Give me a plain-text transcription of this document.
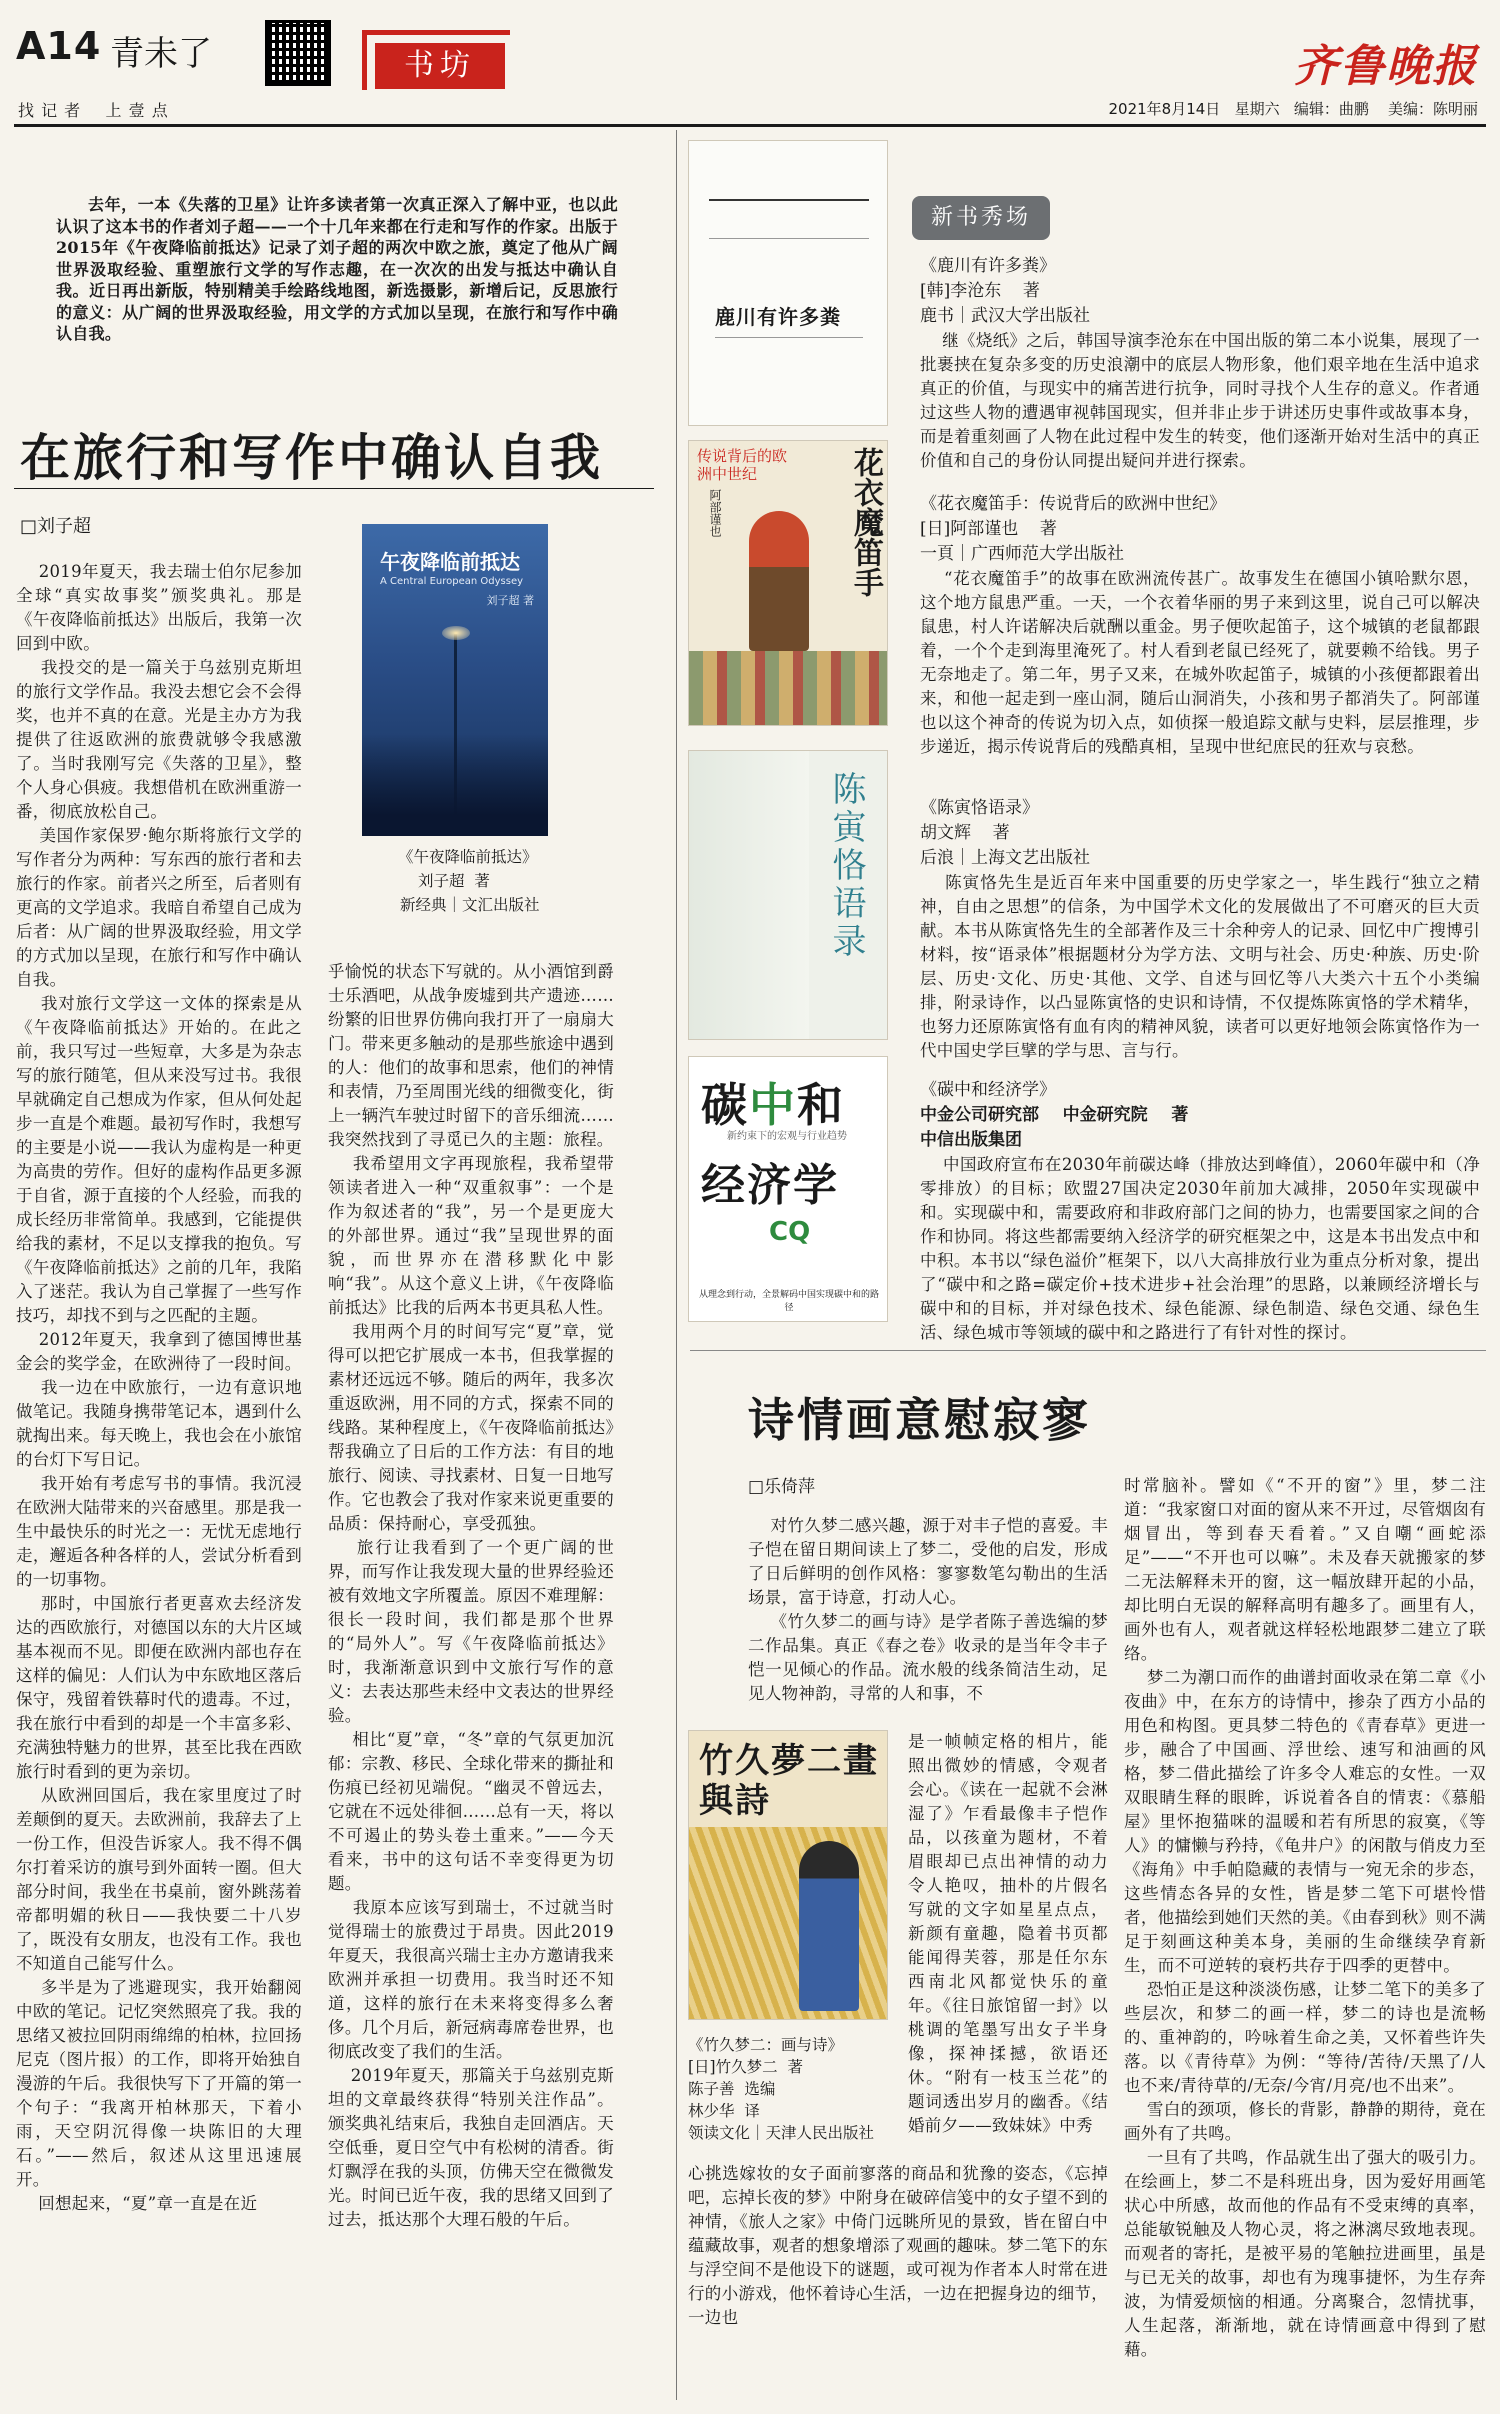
A14 青未了	书坊	齐鲁晚报
找 记 者    上 壹 点	2021年8月14日   星期六   编辑：曲鹏    美编：陈明丽
去年，一本《失落的卫星》让许多读者第一次真正深入了解中亚，也以此认识了这本书的作者刘子超——一个十几年来都在行走和写作的作家。出版于2015年《午夜降临前抵达》记录了刘子超的两次中欧之旅，奠定了他从广阔世界汲取经验、重塑旅行文学的写作志趣，在一次次的出发与抵达中确认自我。近日再出新版，特别精美手绘路线地图，新选摄影，新增后记，反思旅行的意义：从广阔的世界汲取经验，用文学的方式加以呈现，在旅行和写作中确认自我。
在旅行和写作中确认自我
□刘子超
2019年夏天，我去瑞士伯尔尼参加全球“真实故事奖”颁奖典礼。那是《午夜降临前抵达》出版后，我第一次回到中欧。
我投交的是一篇关于乌兹别克斯坦的旅行文学作品。我没去想它会不会得奖，也并不真的在意。光是主办方为我提供了往返欧洲的旅费就够令我感激了。当时我刚写完《失落的卫星》，整个人身心俱疲。我想借机在欧洲重游一番，彻底放松自己。
美国作家保罗·鲍尔斯将旅行文学的写作者分为两种：写东西的旅行者和去旅行的作家。前者兴之所至，后者则有更高的文学追求。我暗自希望自己成为后者：从广阔的世界汲取经验，用文学的方式加以呈现，在旅行和写作中确认自我。
我对旅行文学这一文体的探索是从《午夜降临前抵达》开始的。在此之前，我只写过一些短章，大多是为杂志写的旅行随笔，但从来没写过书。我很早就确定自己想成为作家，但从何处起步一直是个难题。最初写作时，我想写的主要是小说——我认为虚构是一种更为高贵的劳作。但好的虚构作品更多源于自省，源于直接的个人经验，而我的成长经历非常简单。我感到，它能提供给我的素材，不足以支撑我的抱负。写《午夜降临前抵达》之前的几年，我陷入了迷茫。我认为自己掌握了一些写作技巧，却找不到与之匹配的主题。
2012年夏天，我拿到了德国博世基金会的奖学金，在欧洲待了一段时间。
我一边在中欧旅行，一边有意识地做笔记。我随身携带笔记本，遇到什么就掏出来。每天晚上，我也会在小旅馆的台灯下写日记。
我开始有考虑写书的事情。我沉浸在欧洲大陆带来的兴奋感里。那是我一生中最快乐的时光之一：无忧无虑地行走，邂逅各种各样的人，尝试分析看到的一切事物。
那时，中国旅行者更喜欢去经济发达的西欧旅行，对德国以东的大片区域基本视而不见。即便在欧洲内部也存在这样的偏见：人们认为中东欧地区落后保守，残留着铁幕时代的遗毒。不过，我在旅行中看到的却是一个丰富多彩、充满独特魅力的世界，甚至比我在西欧旅行时看到的更为亲切。
从欧洲回国后，我在家里度过了时差颠倒的夏天。去欧洲前，我辞去了上一份工作，但没告诉家人。我不得不偶尔打着采访的旗号到外面转一圈。但大部分时间，我坐在书桌前，窗外跳荡着帝都明媚的秋日——我快要二十八岁了，既没有女朋友，也没有工作。我也不知道自己能写什么。
多半是为了逃避现实，我开始翻阅中欧的笔记。记忆突然照亮了我。我的思绪又被拉回阴雨绵绵的柏林，拉回扬尼克（图片报）的工作，即将开始独自漫游的午后。我很快写下了开篇的第一个句子：“我离开柏林那天，下着小雨，天空阴沉得像一块陈旧的大理石。”——然后，叙述从这里迅速展开。
回想起来，“夏”章一直是在近
午夜降临前抵达
A Central European Odyssey
刘子超 著
《午夜降临前抵达》
刘子超  著
新经典｜文汇出版社
乎愉悦的状态下写就的。从小酒馆到爵士乐酒吧，从战争废墟到共产遗迹……纷繁的旧世界仿佛向我打开了一扇扇大门。带来更多触动的是那些旅途中遇到的人：他们的故事和思索，他们的神情和表情，乃至周围光线的细微变化，街上一辆汽车驶过时留下的音乐细流……我突然找到了寻觅已久的主题：旅程。
我希望用文字再现旅程，我希望带领读者进入一种“双重叙事”：一个是作为叙述者的“我”，另一个是更庞大的外部世界。通过“我”呈现世界的面貌，而世界亦在潜移默化中影响“我”。从这个意义上讲，《午夜降临前抵达》比我的后两本书更具私人性。
我用两个月的时间写完“夏”章，觉得可以把它扩展成一本书，但我掌握的素材还远远不够。随后的两年，我多次重返欧洲，用不同的方式，探索不同的线路。某种程度上，《午夜降临前抵达》帮我确立了日后的工作方法：有目的地旅行、阅读、寻找素材、日复一日地写作。它也教会了我对作家来说更重要的品质：保持耐心，享受孤独。
旅行让我看到了一个更广阔的世界，而写作让我发现大量的世界经验还被有效地文字所覆盖。原因不难理解：很长一段时间，我们都是那个世界的“局外人”。写《午夜降临前抵达》时，我渐渐意识到中文旅行写作的意义：去表达那些未经中文表达的世界经验。
相比“夏”章，“冬”章的气氛更加沉郁：宗教、移民、全球化带来的撕扯和伤痕已经初见端倪。“幽灵不曾远去，它就在不远处徘徊……总有一天，将以不可遏止的势头卷土重来。”——今天看来，书中的这句话不幸变得更为切题。
我原本应该写到瑞士，不过就当时觉得瑞士的旅费过于昂贵。因此2019年夏天，我很高兴瑞士主办方邀请我来欧洲并承担一切费用。我当时还不知道，这样的旅行在未来将变得多么奢侈。几个月后，新冠病毒席卷世界，也彻底改变了我们的生活。
2019年夏天，那篇关于乌兹别克斯坦的文章最终获得“特别关注作品”。颁奖典礼结束后，我独自走回酒店。天空低垂，夏日空气中有松树的清香。街灯飘浮在我的头顶，仿佛天空在微微发光。时间已近午夜，我的思绪又回到了过去，抵达那个大理石般的午后。
鹿川有许多粪
传说背后的欧洲中世纪	花衣魔笛手
阿部谨也
陈寅恪语录
碳中和
新约束下的宏观与行业趋势
经济学
CQ
从理念到行动，全景解码中国实现碳中和的路径
新书秀场
《鹿川有许多粪》
[韩]李沧东    著
鹿书｜武汉大学出版社
继《烧纸》之后，韩国导演李沧东在中国出版的第二本小说集，展现了一批裹挟在复杂多变的历史浪潮中的底层人物形象，他们艰辛地在生活中追求真正的价值，与现实中的痛苦进行抗争，同时寻找个人生存的意义。作者通过这些人物的遭遇审视韩国现实，但并非止步于讲述历史事件或故事本身，而是着重刻画了人物在此过程中发生的转变，他们逐渐开始对生活中的真正价值和自己的身份认同提出疑问并进行探索。
《花衣魔笛手：传说背后的欧洲中世纪》
[日]阿部谨也    著
一頁｜广西师范大学出版社
“花衣魔笛手”的故事在欧洲流传甚广。故事发生在德国小镇哈默尔恩，这个地方鼠患严重。一天，一个衣着华丽的男子来到这里，说自己可以解决鼠患，村人许诺解决后就酬以重金。男子便吹起笛子，这个城镇的老鼠都跟着，一个个走到海里淹死了。村人看到老鼠已经死了，就要赖不给钱。男子无奈地走了。第二年，男子又来，在城外吹起笛子，城镇的小孩便都跟着出来，和他一起走到一座山洞，随后山洞消失，小孩和男子都消失了。阿部谨也以这个神奇的传说为切入点，如侦探一般追踪文献与史料，层层推理，步步递近，揭示传说背后的残酷真相，呈现中世纪庶民的狂欢与哀愁。
《陈寅恪语录》
胡文辉    著
后浪｜上海文艺出版社
陈寅恪先生是近百年来中国重要的历史学家之一，毕生践行“独立之精神，自由之思想”的信条，为中国学术文化的发展做出了不可磨灭的巨大贡献。本书从陈寅恪先生的全部著作及三十余种旁人的记录、回忆中广搜博引材料，按“语录体”根据题材分为学方法、文明与社会、历史·种族、历史·阶层、历史·文化、历史·其他、文学、自述与回忆等八大类六十五个小类编排，附录诗作，以凸显陈寅恪的史识和诗情，不仅提炼陈寅恪的学术精华，也努力还原陈寅恪有血有肉的精神风貌，读者可以更好地领会陈寅恪作为一代中国史学巨擘的学与思、言与行。
《碳中和经济学》
中金公司研究部    中金研究院    著
中信出版集团
中国政府宣布在2030年前碳达峰（排放达到峰值），2060年碳中和（净零排放）的目标；欧盟27国决定2030年前加大减排，2050年实现碳中和。实现碳中和，需要政府和非政府部门之间的协力，也需要国家之间的合作和协同。将这些都需要纳入经济学的研究框架之中，这是本书出发点中和中积。本书以“绿色溢价”框架下，以八大高排放行业为重点分析对象，提出了“碳中和之路=碳定价+技术进步+社会治理”的思路，以兼顾经济增长与碳中和的目标，并对绿色技术、绿色能源、绿色制造、绿色交通、绿色生活、绿色城市等领域的碳中和之路进行了有针对性的探讨。
诗情画意慰寂寥
□乐倚萍
对竹久梦二感兴趣，源于对丰子恺的喜爱。丰子恺在留日期间读上了梦二，受他的启发，形成了日后鲜明的创作风格：寥寥数笔勾勒出的生活场景，富于诗意，打动人心。
《竹久梦二的画与诗》是学者陈子善选编的梦二作品集。真正《春之卷》收录的是当年令丰子恺一见倾心的作品。流水般的线条简洁生动，足见人物神韵，寻常的人和事，不
竹久夢二畫與詩
《竹久梦二：画与诗》
[日]竹久梦二  著
陈子善  选编
林少华  译
领读文化｜天津人民出版社
是一帧帧定格的相片，能照出微妙的情感，令观者会心。《读在一起就不会淋湿了》乍看最像丰子恺作品，以孩童为题材，不着眉眼却已点出神情的动力令人艳叹，抽朴的片假名写就的文字如星星点点，新颜有童趣，隐着书页都能闻得芙蓉，那是任尔东西南北风都觉快乐的童年。《往日旅馆留一封》以桃调的笔墨写出女子半身像，探神揉撼，欲语还休。“附有一枝玉兰花”的题词透出岁月的幽香。《结婚前夕——致妹妹》中秀
心挑选嫁妆的女子面前寥落的商品和犹豫的姿态，《忘掉吧，忘掉长夜的梦》中附身在破碎信笺中的女子望不到的神情，《旅人之家》中倚门远眺所见的景致，皆在留白中蕴藏故事，观者的想象增添了观画的趣味。梦二笔下的东与浮空间不是他设下的谜题，或可视为作者本人时常在进行的小游戏，他怀着诗心生活，一边在把握身边的细节，一边也
时常脑补。譬如《“不开的窗”》里，梦二注道：“我家窗口对面的窗从来不开过，尽管烟囱有烟冒出，等到春天看着。”又自嘲“画蛇添足”——“不开也可以嘛”。未及春天就搬家的梦二无法解释未开的窗，这一幅放肆开起的小品，却比明白无误的解释高明有趣多了。画里有人，画外也有人，观者就这样轻松地跟梦二建立了联络。
梦二为潮口而作的曲谱封面收录在第二章《小夜曲》中，在东方的诗情中，掺杂了西方小品的用色和构图。更具梦二特色的《青春草》更进一步，融合了中国画、浮世绘、速写和油画的风格，梦二借此描绘了许多令人难忘的女性。一双双眼睛生释的眼眸，诉说着各自的情衷：《慕船屋》里怀抱猫咪的温暖和若有所思的寂寞，《等人》的慵懒与矜持，《龟井户》的闲散与俏皮力至《海角》中手帕隐藏的表情与一宛无余的步态，这些情态各异的女性，皆是梦二笔下可堪怜惜者，他描绘到她们天然的美。《由春到秋》则不满足于刻画这种美本身，美丽的生命继续孕育新生，而不可逆转的衰朽共存于四季的更替中。
恐怕正是这种淡淡伤感，让梦二笔下的美多了些层次，和梦二的画一样，梦二的诗也是流畅的、重神韵的，吟咏着生命之美，又怀着些许失落。以《青待草》为例：“等待/苦待/天黑了/人也不来/青待草的/无奈/今宵/月亮/也不出来”。
雪白的颈项，修长的背影，静静的期待，竟在画外有了共鸣。
一旦有了共鸣，作品就生出了强大的吸引力。在绘画上，梦二不是科班出身，因为爱好用画笔状心中所感，故而他的作品有不受束缚的真率，总能敏锐触及人物心灵，将之淋漓尽致地表现。而观者的寄托，是被平易的笔触拉进画里，虽是与已无关的故事，却也有为瑰事捷怀，为生存奔波，为情爱烦恼的相通。分离聚合，忽情扰事，人生起落，渐渐地，就在诗情画意中得到了慰藉。
